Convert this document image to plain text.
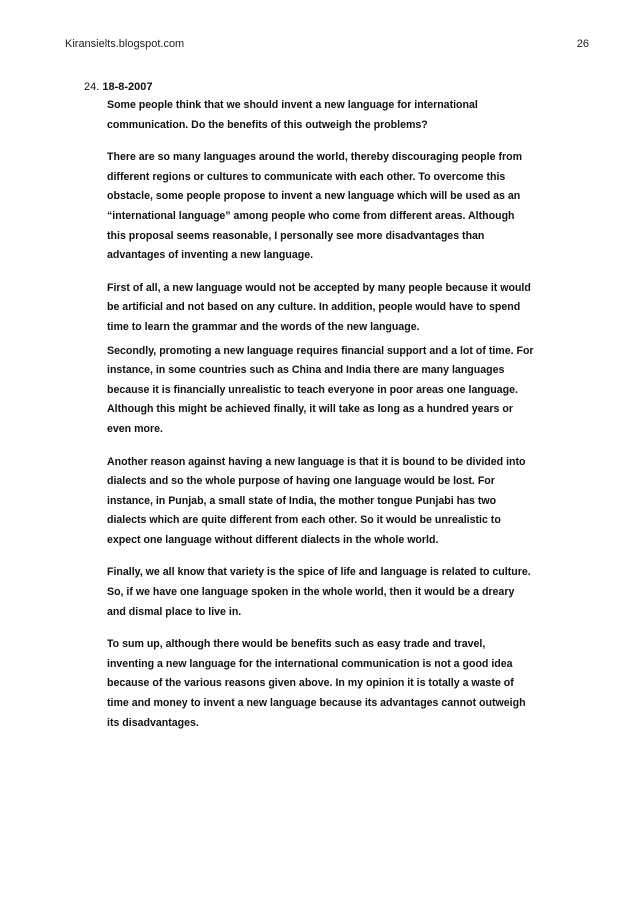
Kiransielts.blogspot.com	26
24. 18-8-2007

Some people think that we should invent a new language for international
communication. Do the benefits of this outweigh the problems?

There are so many languages around the world, thereby discouraging people from
different regions or cultures to communicate with each other. To overcome this
obstacle, some people propose to invent a new language which will be used as an
“international language” among people who come from different areas. Although
this proposal seems reasonable, I personally see more disadvantages than
advantages of inventing a new language.

First of all, a new language would not be accepted by many people because it would
be artificial and not based on any culture. In addition, people would have to spend
time to learn the grammar and the words of the new language.

Secondly, promoting a new language requires financial support and a lot of time. For
instance, in some countries such as China and India there are many languages
because it is financially unrealistic to teach everyone in poor areas one language.
Although this might be achieved finally, it will take as long as a hundred years or
even more.

Another reason against having a new language is that it is bound to be divided into
dialects and so the whole purpose of having one language would be lost. For
instance, in Punjab, a small state of India, the mother tongue Punjabi has two
dialects which are quite different from each other. So it would be unrealistic to
expect one language without different dialects in the whole world.

Finally, we all know that variety is the spice of life and language is related to culture.
So, if we have one language spoken in the whole world, then it would be a dreary
and dismal place to live in.

To sum up, although there would be benefits such as easy trade and travel,
inventing a new language for the international communication is not a good idea
because of the various reasons given above. In my opinion it is totally a waste of
time and money to invent a new language because its advantages cannot outweigh
its disadvantages.
